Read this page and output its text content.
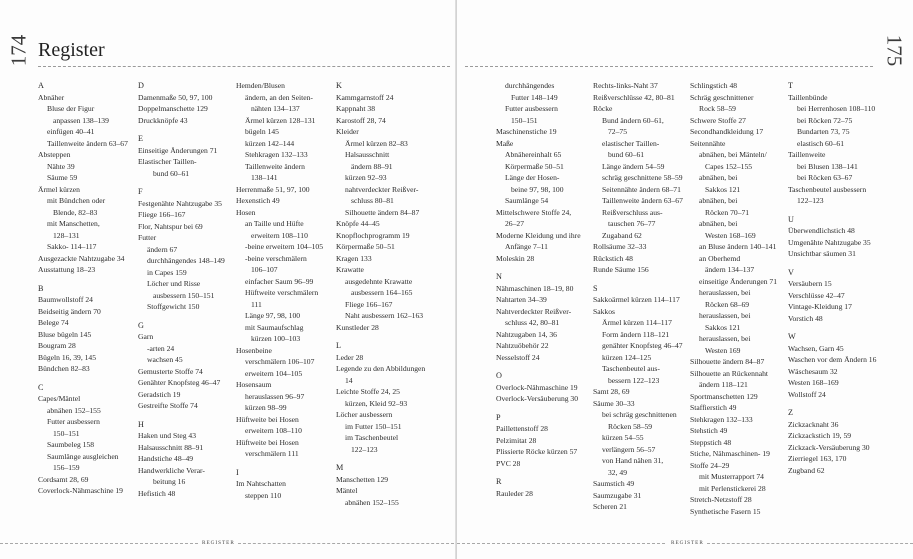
174 Register
A
Abnäher
Bluse der Figur
anpassen 138–139
einfügen 40–41
Taillenweite ändern 63–67
Absteppen
Nähte 39
Säume 59
Ärmel kürzen
mit Bündchen oder
Blende, 82–83
mit Manschetten,
128–131
Sakko- 114–117
Ausgezackte Nahtzugabe 34
Ausstattung 18–23
B
Baumwollstoff 24
Beidseitig ändern 70
Belege 74
Bluse bügeln 145
Bougram 28
Bügeln 16, 39, 145
Bündchen 82–83
C
Capes/Mäntel
abnähen 152–155
Futter ausbessern
150–151
Saumbeleg 158
Saumlänge ausgleichen
156–159
Cordsamt 28, 69
Coverlock-Nähmaschine 19
D
Damenmaße 50, 97, 100
Doppelmanschette 129
Druckknöpfe 43
E
Einseitige Änderungen 71
Elastischer Taillen-
bund 60–61
F
Festgenähte Nahtzugabe 35
Fliege 166–167
Flor, Nahtspur bei 69
Futter
ändern 67
durchhängendes 148–149
in Capes 159
Löcher und Risse
ausbessern 150–151
Stoffgewicht 150
G
Garn
-arten 24
wachsen 45
Gemusterte Stoffe 74
Genähter Knopfsteg 46–47
Geradstich 19
Gestreifte Stoffe 74
H
Haken und Steg 43
Halsausschnitt 88–91
Handstiche 48–49
Handwerkliche Verar-
beitung 16
Hefistich 48
Hemden/Blusen
ändern, an den Seiten-
nähten 134–137
Ärmel kürzen 128–131
bügeln 145
kürzen 142–144
Stehkragen 132–133
Taillenweite ändern
138–141
Herrenmaße 51, 97, 100
Hexenstich 49
Hosen
an Taille und Hüfte
erweitern 108–110
-beine erweitern 104–105
-beine verschmälern
106–107
einfacher Saum 96–99
Hüftweite verschmälern
111
Länge 97, 98, 100
mit Saumaufschlag
kürzen 100–103
Hosenbeine
verschmälern 106–107
erweitern 104–105
Hosensaum
herauslassen 96–97
kürzen 98–99
Hüftweite bei Hosen
erweitern 108–110
Hüftweite bei Hosen
verschmälern 111
I
Im Nahtschatten
steppen 110
K
Kammgarnstoff 24
Kappnaht 38
Karostoff 28, 74
Kleider
Ärmel kürzen 82–83
Halsausschnitt
ändern 88–91
kürzen 92–93
nahtverdeckter Reißver-
schluss 80–81
Silhouette ändern 84–87
Knöpfe 44–45
Knopflochprogramm 19
Körpermaße 50–51
Kragen 133
Krawatte
ausgedehnte Krawatte
ausbessern 164–165
Fliege 166–167
Naht ausbessern 162–163
Kunstleder 28
L
Leder 28
Legende zu den Abbildungen
14
Leichte Stoffe 24, 25
kürzen, Kleid 92–93
Löcher ausbessern
im Futter 150–151
im Taschenbeutel
122–123
M
Manschetten 129
Mäntel
abnähen 152–155
REGISTER
175
durchhängendes
Futter 148–149
Futter ausbessern
150–151
Maschinenstiche 19
Maße
Abnähereinhalt 65
Körpermaße 50–51
Länge der Hosen-
beine 97, 98, 100
Saumlänge 54
Mittelschwere Stoffe 24,
26–27
Moderne Kleidung und ihre
Anfänge 7–11
Moleskin 28
N
Nähmaschinen 18–19, 80
Nahtarten 34–39
Nahtverdeckter Reißver-
schluss 42, 80–81
Nahtzugaben 14, 36
Nahtzuöbehör 22
Nesselstoff 24
O
Overlock-Nähmaschine 19
Overlock-Versäuberung 30
P
Paillettenstoff 28
Pelzimitat 28
Plissierte Röcke kürzen 57
PVC 28
R
Rauleder 28
Rechts-links-Naht 37
Reißverschlüsse 42, 80–81
Röcke
Bund ändern 60–61,
72–75
elastischer Taillen-
bund 60–61
Länge ändern 54–59
schräg geschnittene 58–59
Seitennähte ändern 68–71
Taillenweite ändern 63–67
Reißverschluss aus-
tauschen 76–77
Zugaband 62
Rollsäume 32–33
Rückstich 48
Runde Säume 156
S
Sakkoärmel kürzen 114–117
Sakkos
Ärmel kürzen 114–117
Form ändern 118–121
genähter Knopfsteg 46–47
kürzen 124–125
Taschenbeutel aus-
bessern 122–123
Samt 28, 69
Säume 30–33
bei schräg geschnittenen
Röcken 58–59
kürzen 54–55
verlängern 56–57
von Hand nähen 31,
32, 49
Saumstich 49
Saumzugabe 31
Scheren 21
Schlingstich 48
Schräg geschnittener
Rock 58–59
Schwere Stoffe 27
Secondhandkleidung 17
Seitennähte
abnähen, bei Mänteln/
Capes 152–155
abnähen, bei
Sakkos 121
abnähen, bei
Röcken 70–71
abnähen, bei
Westen 168–169
an Bluse ändern 140–141
an Oberhemd
ändern 134–137
einseitige Änderungen 71
herauslassen, bei
Röcken 68–69
herauslassen, bei
Sakkos 121
herauslassen, bei
Westen 169
Silhouette ändern 84–87
Silhouette an Rückennaht
ändern 118–121
Sportmanschetten 129
Staffierstich 49
Stehkragen 132–133
Stehstich 49
Steppstich 48
Stiche, Nähmaschinen- 19
Stoffe 24–29
mit Musterrapport 74
mit Perlenstickerei 28
Stretch-Netzstoff 28
Synthetische Fasern 15
T
Taillenbünde
bei Herrenhosen 108–110
bei Röcken 72–75
Bundarten 73, 75
elastisch 60–61
Taillenweite
bei Blusen 138–141
bei Röcken 63–67
Taschenbeutel ausbessern
122–123
U
Überwendlichstich 48
Umgenähte Nahtzugabe 35
Unsichtbar säumen 31
V
Versäubern 15
Verschlüsse 42–47
Vintage-Kleidung 17
Vorstich 48
W
Wachsen, Garn 45
Waschen vor dem Ändern 16
Wäschesaum 32
Westen 168–169
Wollstoff 24
Z
Zickzacknaht 36
Zickzackstich 19, 59
Zickzack-Versäuberung 30
Zierriegel 163, 170
Zugband 62
REGISTER
